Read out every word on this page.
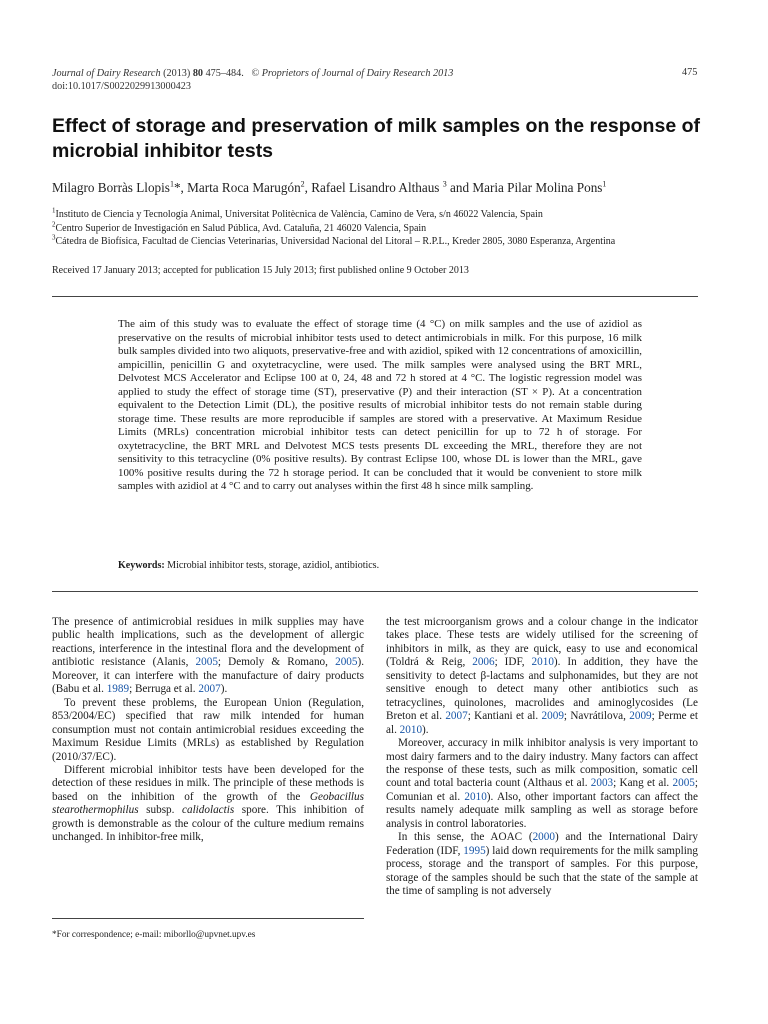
Journal of Dairy Research (2013) 80 475–484. © Proprietors of Journal of Dairy Research 2013
doi:10.1017/S0022029913000423
475
Effect of storage and preservation of milk samples on the response of microbial inhibitor tests
Milagro Borràs Llopis$^1$*, Marta Roca Marugón$^2$, Rafael Lisandro Althaus $^3$ and Maria Pilar Molina Pons$^1$
$^1$Instituto de Ciencia y Tecnología Animal, Universitat Politècnica de València, Camino de Vera, s/n 46022 Valencia, Spain
$^2$Centro Superior de Investigación en Salud Pública, Avd. Cataluña, 21 46020 Valencia, Spain
$^3$Cátedra de Biofísica, Facultad de Ciencias Veterinarias, Universidad Nacional del Litoral – R.P.L., Kreder 2805, 3080 Esperanza, Argentina
Received 17 January 2013; accepted for publication 15 July 2013; first published online 9 October 2013
The aim of this study was to evaluate the effect of storage time (4 °C) on milk samples and the use of azidiol as preservative on the results of microbial inhibitor tests used to detect antimicrobials in milk. For this purpose, 16 milk bulk samples divided into two aliquots, preservative-free and with azidiol, spiked with 12 concentrations of amoxicillin, ampicillin, penicillin G and oxytetracycline, were used. The milk samples were analysed using the BRT MRL, Delvotest MCS Accelerator and Eclipse 100 at 0, 24, 48 and 72 h stored at 4 °C. The logistic regression model was applied to study the effect of storage time (ST), preservative (P) and their interaction (ST × P). At a concentration equivalent to the Detection Limit (DL), the positive results of microbial inhibitor tests do not remain stable during storage time. These results are more reproducible if samples are stored with a preservative. At Maximum Residue Limits (MRLs) concentration microbial inhibitor tests can detect penicillin for up to 72 h of storage. For oxytetracycline, the BRT MRL and Delvotest MCS tests presents DL exceeding the MRL, therefore they are not sensitivity to this tetracycline (0% positive results). By contrast Eclipse 100, whose DL is lower than the MRL, gave 100% positive results during the 72 h storage period. It can be concluded that it would be convenient to store milk samples with azidiol at 4 °C and to carry out analyses within the first 48 h since milk sampling.
Keywords: Microbial inhibitor tests, storage, azidiol, antibiotics.

The presence of antimicrobial residues in milk supplies may have public health implications, such as the development of allergic reactions, interference in the intestinal flora and the development of antibiotic resistance (Alanis, 2005; Demoly & Romano, 2005). Moreover, it can interfere with the manufacture of dairy products (Babu et al. 1989; Berruga et al. 2007).

To prevent these problems, the European Union (Regulation, 853/2004/EC) specified that raw milk intended for human consumption must not contain antimicrobial residues exceeding the Maximum Residue Limits (MRLs) as established by Regulation (2010/37/EC).

Different microbial inhibitor tests have been developed for the detection of these residues in milk. The principle of these methods is based on the inhibition of the growth of the Geobacillus stearothermophilus subsp. calidolactis spore. This inhibition of growth is demonstrable as the colour of the culture medium remains unchanged. In inhibitor-free milk,

the test microorganism grows and a colour change in the indicator takes place. These tests are widely utilised for the screening of inhibitors in milk, as they are quick, easy to use and economical (Toldrá & Reig, 2006; IDF, 2010). In addition, they have the sensitivity to detect β-lactams and sulphonamides, but they are not sensitive enough to detect many other antibiotics such as tetracyclines, quinolones, macrolides and aminoglycosides (Le Breton et al. 2007; Kantiani et al. 2009; Navrátilova, 2009; Perme et al. 2010).

Moreover, accuracy in milk inhibitor analysis is very important to most dairy farmers and to the dairy industry. Many factors can affect the response of these tests, such as milk composition, somatic cell count and total bacteria count (Althaus et al. 2003; Kang et al. 2005; Comunian et al. 2010). Also, other important factors can affect the results namely adequate milk sampling as well as storage before analysis in control laboratories.

In this sense, the AOAC (2000) and the International Dairy Federation (IDF, 1995) laid down requirements for the milk sampling process, storage and the transport of samples. For this purpose, storage of the samples should be such that the state of the sample at the time of sampling is not adversely

*For correspondence; e-mail: miborllo@upvnet.upv.es
